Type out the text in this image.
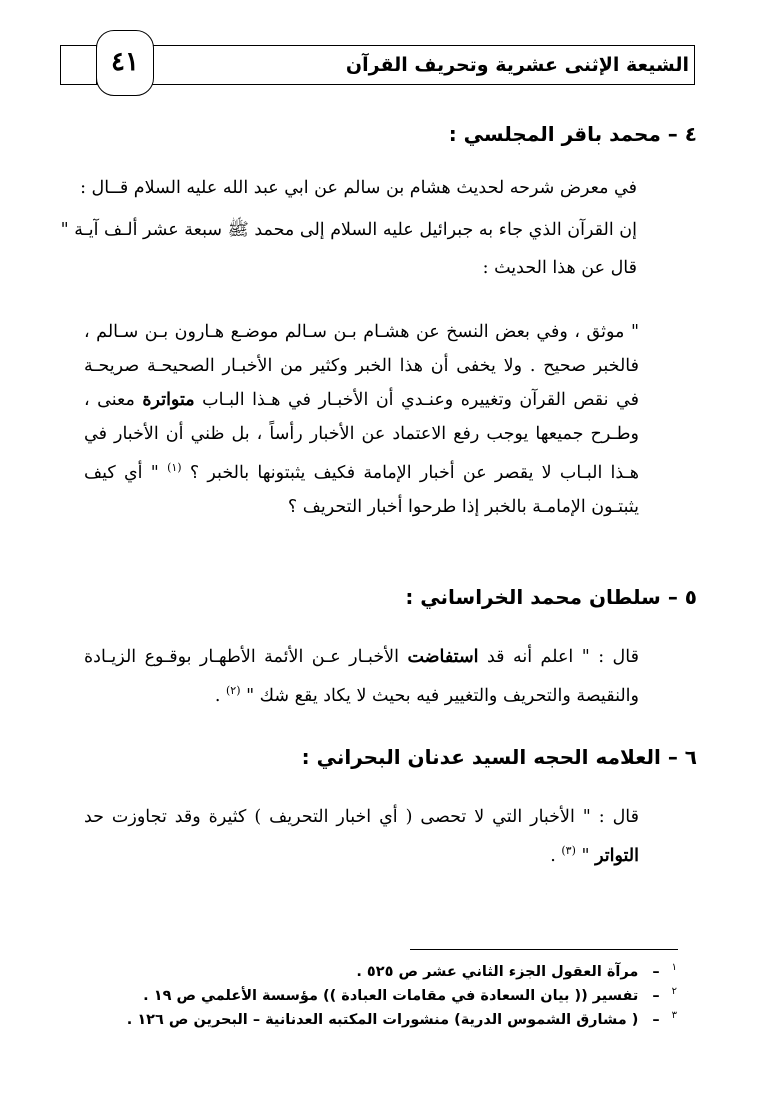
٤١	الشيعة الإثنى عشرية وتحريف القرآن
٤ – محمد باقر المجلسي :
في معرض شرحه لحديث هشام بن سالم عن ابي عبد الله عليه السلام قــال :
إن القرآن الذي جاء به جبرائيل عليه السلام إلى محمد ﷺ سبعة عشر ألـف آيـة "
قال عن هذا الحديث :
" موثق ، وفي بعض النسخ عن هشـام بـن سـالم موضـع هـارون بـن سـالم ، فالخبر صحيح . ولا يخفى أن هذا الخبر وكثير من الأخبـار الصحيحـة صريحـة في نقص القرآن وتغييره وعنـدي أن الأخبـار في هـذا البـاب متواترة معنى ، وطـرح جميعها يوجب رفع الاعتماد عن الأخبار رأساً ، بل ظني أن الأخبار في هـذا البـاب لا يقصر عن أخبار الإمامة فكيف يثبتونها بالخبر ؟ $^{(١)}$ " أي كيف يثبتـون الإمامـة بالخبر إذا طرحوا أخبار التحريف ؟
٥ – سلطان محمد الخراساني :
قال : " اعلم أنه قد استفاضت الأخبـار عـن الأئمة الأطهـار بوقـوع الزيـادة والنقيصة والتحريف والتغيير فيه بحيث لا يكاد يقع شك " $^{(٢)}$ .
٦ – العلامه الحجه السيد عدنان البحراني :
قال : " الأخبار التي لا تحصى ( أي اخبار التحريف ) كثيرة وقد تجاوزت حد التواتر " $^{(٣)}$ .
$^١$–مرآة العقول الجزء الثاني عشر ص ٥٢٥ .
$^٢$–تفسير (( بيان السعادة في مقامات العبادة )) مؤسسة الأعلمي ص ١٩ .
$^٣$–( مشارق الشموس الدرية) منشورات المكتبه العدنانية – البحرين ص ١٢٦ .
